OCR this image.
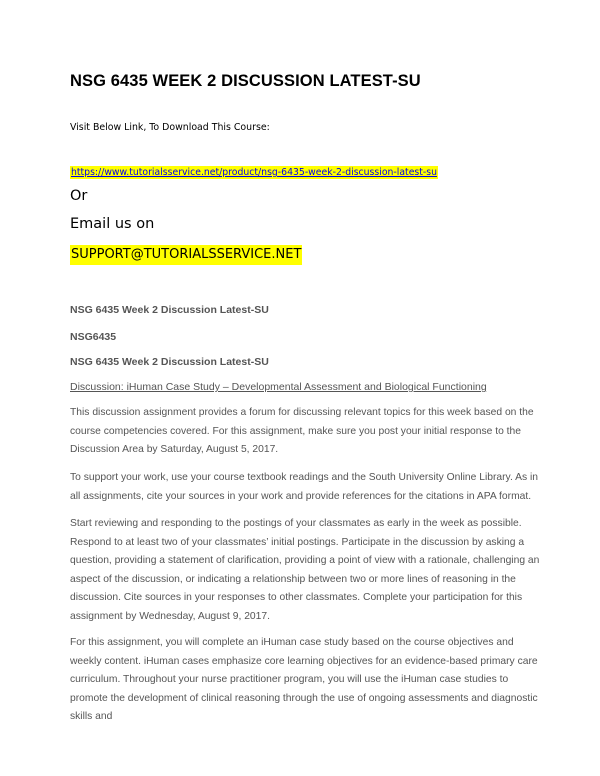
NSG 6435 WEEK 2 DISCUSSION LATEST-SU
Visit Below Link, To Download This Course:
https://www.tutorialsservice.net/product/nsg-6435-week-2-discussion-latest-su
Or
Email us on
SUPPORT@TUTORIALSSERVICE.NET
NSG 6435 Week 2 Discussion Latest-SU
NSG6435
NSG 6435 Week 2 Discussion Latest-SU
Discussion: iHuman Case Study – Developmental Assessment and Biological Functioning

This discussion assignment provides a forum for discussing relevant topics for this week based on the course competencies covered. For this assignment, make sure you post your initial response to the Discussion Area by Saturday, August 5, 2017.

To support your work, use your course textbook readings and the South University Online Library. As in all assignments, cite your sources in your work and provide references for the citations in APA format.

Start reviewing and responding to the postings of your classmates as early in the week as possible. Respond to at least two of your classmates’ initial postings. Participate in the discussion by asking a question, providing a statement of clarification, providing a point of view with a rationale, challenging an aspect of the discussion, or indicating a relationship between two or more lines of reasoning in the discussion. Cite sources in your responses to other classmates. Complete your participation for this assignment by Wednesday, August 9, 2017.

For this assignment, you will complete an iHuman case study based on the course objectives and weekly content. iHuman cases emphasize core learning objectives for an evidence-based primary care curriculum. Throughout your nurse practitioner program, you will use the iHuman case studies to promote the development of clinical reasoning through the use of ongoing assessments and diagnostic skills and
